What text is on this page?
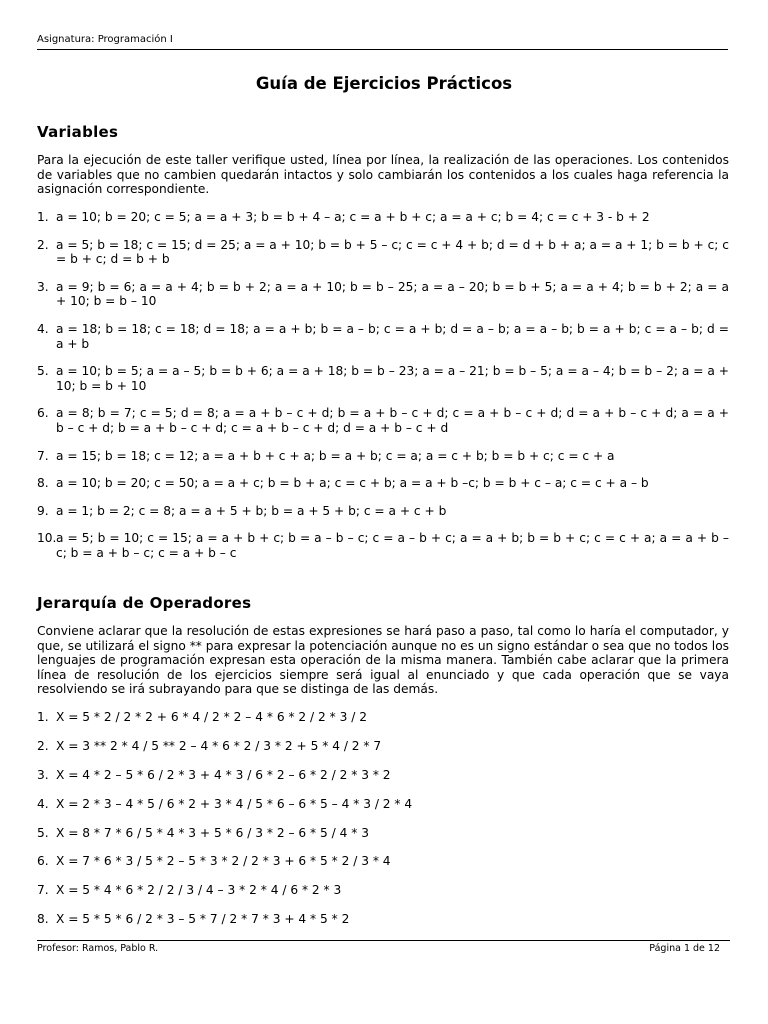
Asignatura: Programación I
Guía de Ejercicios Prácticos
Variables
Para la ejecución de este taller verifique usted, línea por línea, la realización de las operaciones. Los contenidos de variables que no cambien quedarán intactos y solo cambiarán los contenidos a los cuales haga referencia la asignación correspondiente.
1. a = 10; b = 20; c = 5; a = a + 3; b = b + 4 – a; c = a + b + c; a = a + c; b = 4; c = c + 3 - b + 2
2. a = 5; b = 18; c = 15; d = 25; a = a + 10; b = b + 5 – c; c = c + 4 + b; d = d + b + a; a = a + 1; b = b + c; c = b + c; d = b + b
3. a = 9; b = 6; a = a + 4; b = b + 2; a = a + 10; b = b – 25; a = a – 20; b = b + 5; a = a + 4; b = b + 2; a = a + 10; b = b – 10
4. a = 18; b = 18; c = 18; d = 18; a = a + b; b = a – b; c = a + b; d = a – b; a = a – b; b = a + b; c = a – b; d = a + b
5. a = 10; b = 5; a = a – 5; b = b + 6; a = a + 18; b = b – 23; a = a – 21; b = b – 5; a = a – 4; b = b – 2; a = a + 10; b = b + 10
6. a = 8; b = 7; c = 5; d = 8; a = a + b – c + d; b = a + b – c + d; c = a + b – c + d; d = a + b – c + d; a = a + b – c + d; b = a + b – c + d; c = a + b – c + d; d = a + b – c + d
7. a = 15; b = 18; c = 12; a = a + b + c + a; b = a + b; c = a; a = c + b; b = b + c; c = c + a
8. a = 10; b = 20; c = 50; a = a + c; b = b + a; c = c + b; a = a + b –c; b = b + c – a; c = c + a – b
9. a = 1; b = 2; c = 8; a = a + 5 + b; b = a + 5 + b; c = a + c + b
10. a = 5; b = 10; c = 15; a = a + b + c; b = a – b – c; c = a – b + c; a = a + b; b = b + c; c = c + a; a = a + b – c; b = a + b – c; c = a + b – c
Jerarquía de Operadores
Conviene aclarar que la resolución de estas expresiones se hará paso a paso, tal como lo haría el computador, y que, se utilizará el signo ** para expresar la potenciación aunque no es un signo estándar o sea que no todos los lenguajes de programación expresan esta operación de la misma manera. También cabe aclarar que la primera línea de resolución de los ejercicios siempre será igual al enunciado y que cada operación que se vaya resolviendo se irá subrayando para que se distinga de las demás.
1. X = 5 * 2 / 2 * 2 + 6 * 4 / 2 * 2 – 4 * 6 * 2 / 2 * 3 / 2
2. X = 3 ** 2 * 4 / 5 ** 2 – 4 * 6 * 2 / 3 * 2 + 5 * 4 / 2 * 7
3. X = 4 * 2 – 5 * 6 / 2 * 3 + 4 * 3 / 6 * 2 – 6 * 2 / 2 * 3 * 2
4. X = 2 * 3 – 4 * 5 / 6 * 2 + 3 * 4 / 5 * 6 – 6 * 5 – 4 * 3 / 2 * 4
5. X = 8 * 7 * 6 / 5 * 4 * 3 + 5 * 6 / 3 * 2 – 6 * 5 / 4 * 3
6. X = 7 * 6 * 3 / 5 * 2 – 5 * 3 * 2 / 2 * 3 + 6 * 5 * 2 / 3 * 4
7. X = 5 * 4 * 6 * 2 / 2 / 3 / 4 – 3 * 2 * 4 / 6 * 2 * 3
8. X = 5 * 5 * 6 / 2 * 3 – 5 * 7 / 2 * 7 * 3 + 4 * 5 * 2
Profesor: Ramos, Pablo R.	Página 1 de 12
